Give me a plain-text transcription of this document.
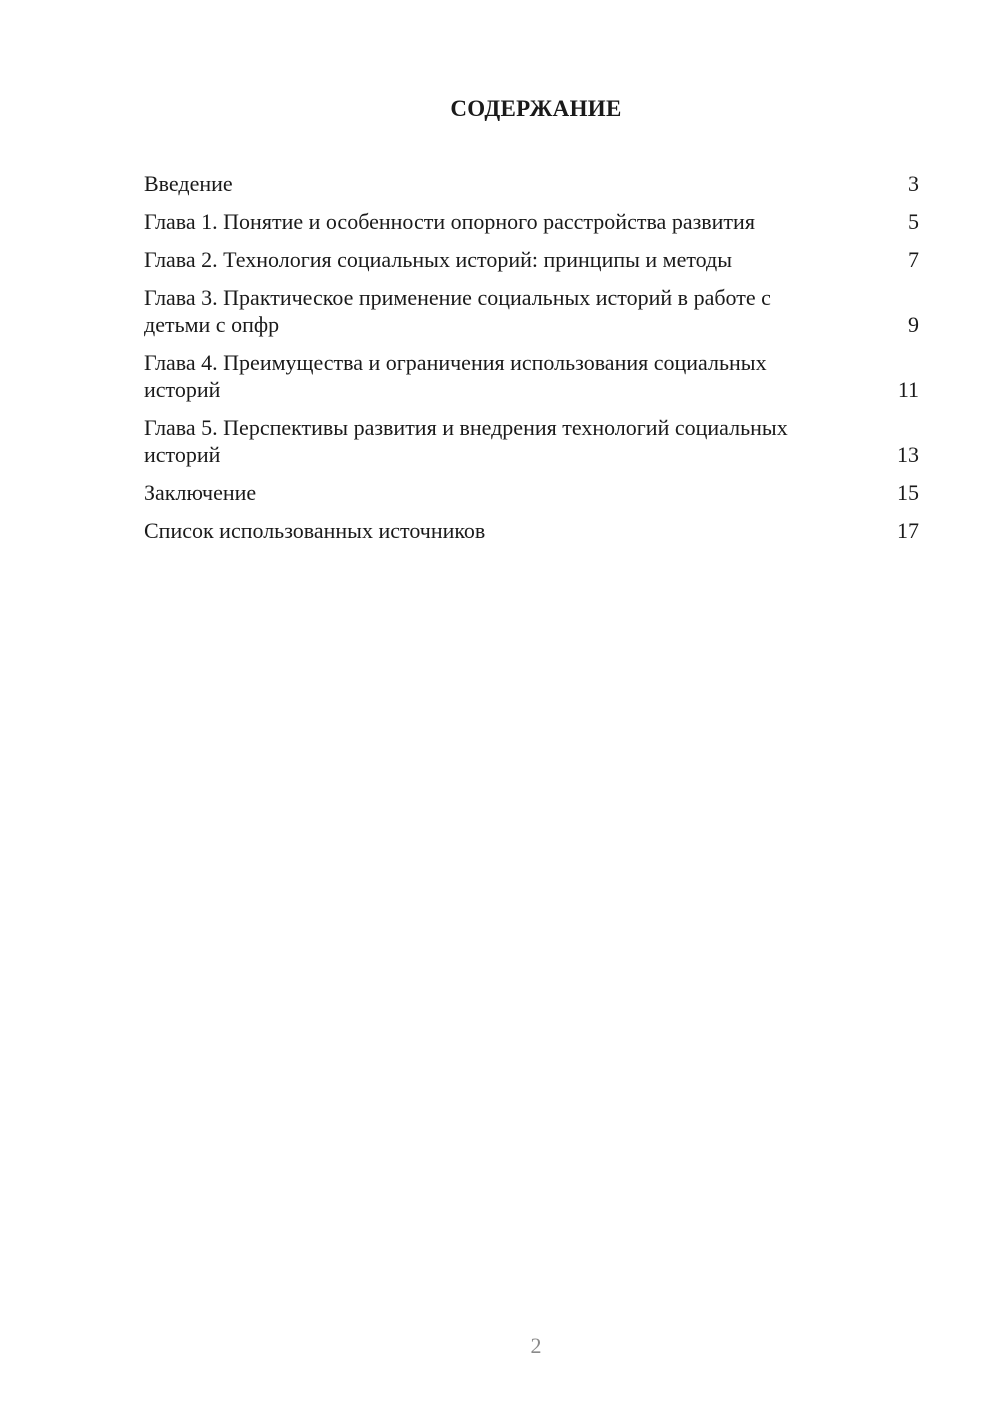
СОДЕРЖАНИЕ
Введение	3
Глава 1. Понятие и особенности опорного расстройства развития	5
Глава 2. Технология социальных историй: принципы и методы	7
Глава 3. Практическое применение социальных историй в работе с детьми с опфр	9
Глава 4. Преимущества и ограничения использования социальных историй	11
Глава 5. Перспективы развития и внедрения технологий социальных историй	13
Заключение	15
Список использованных источников	17
2
